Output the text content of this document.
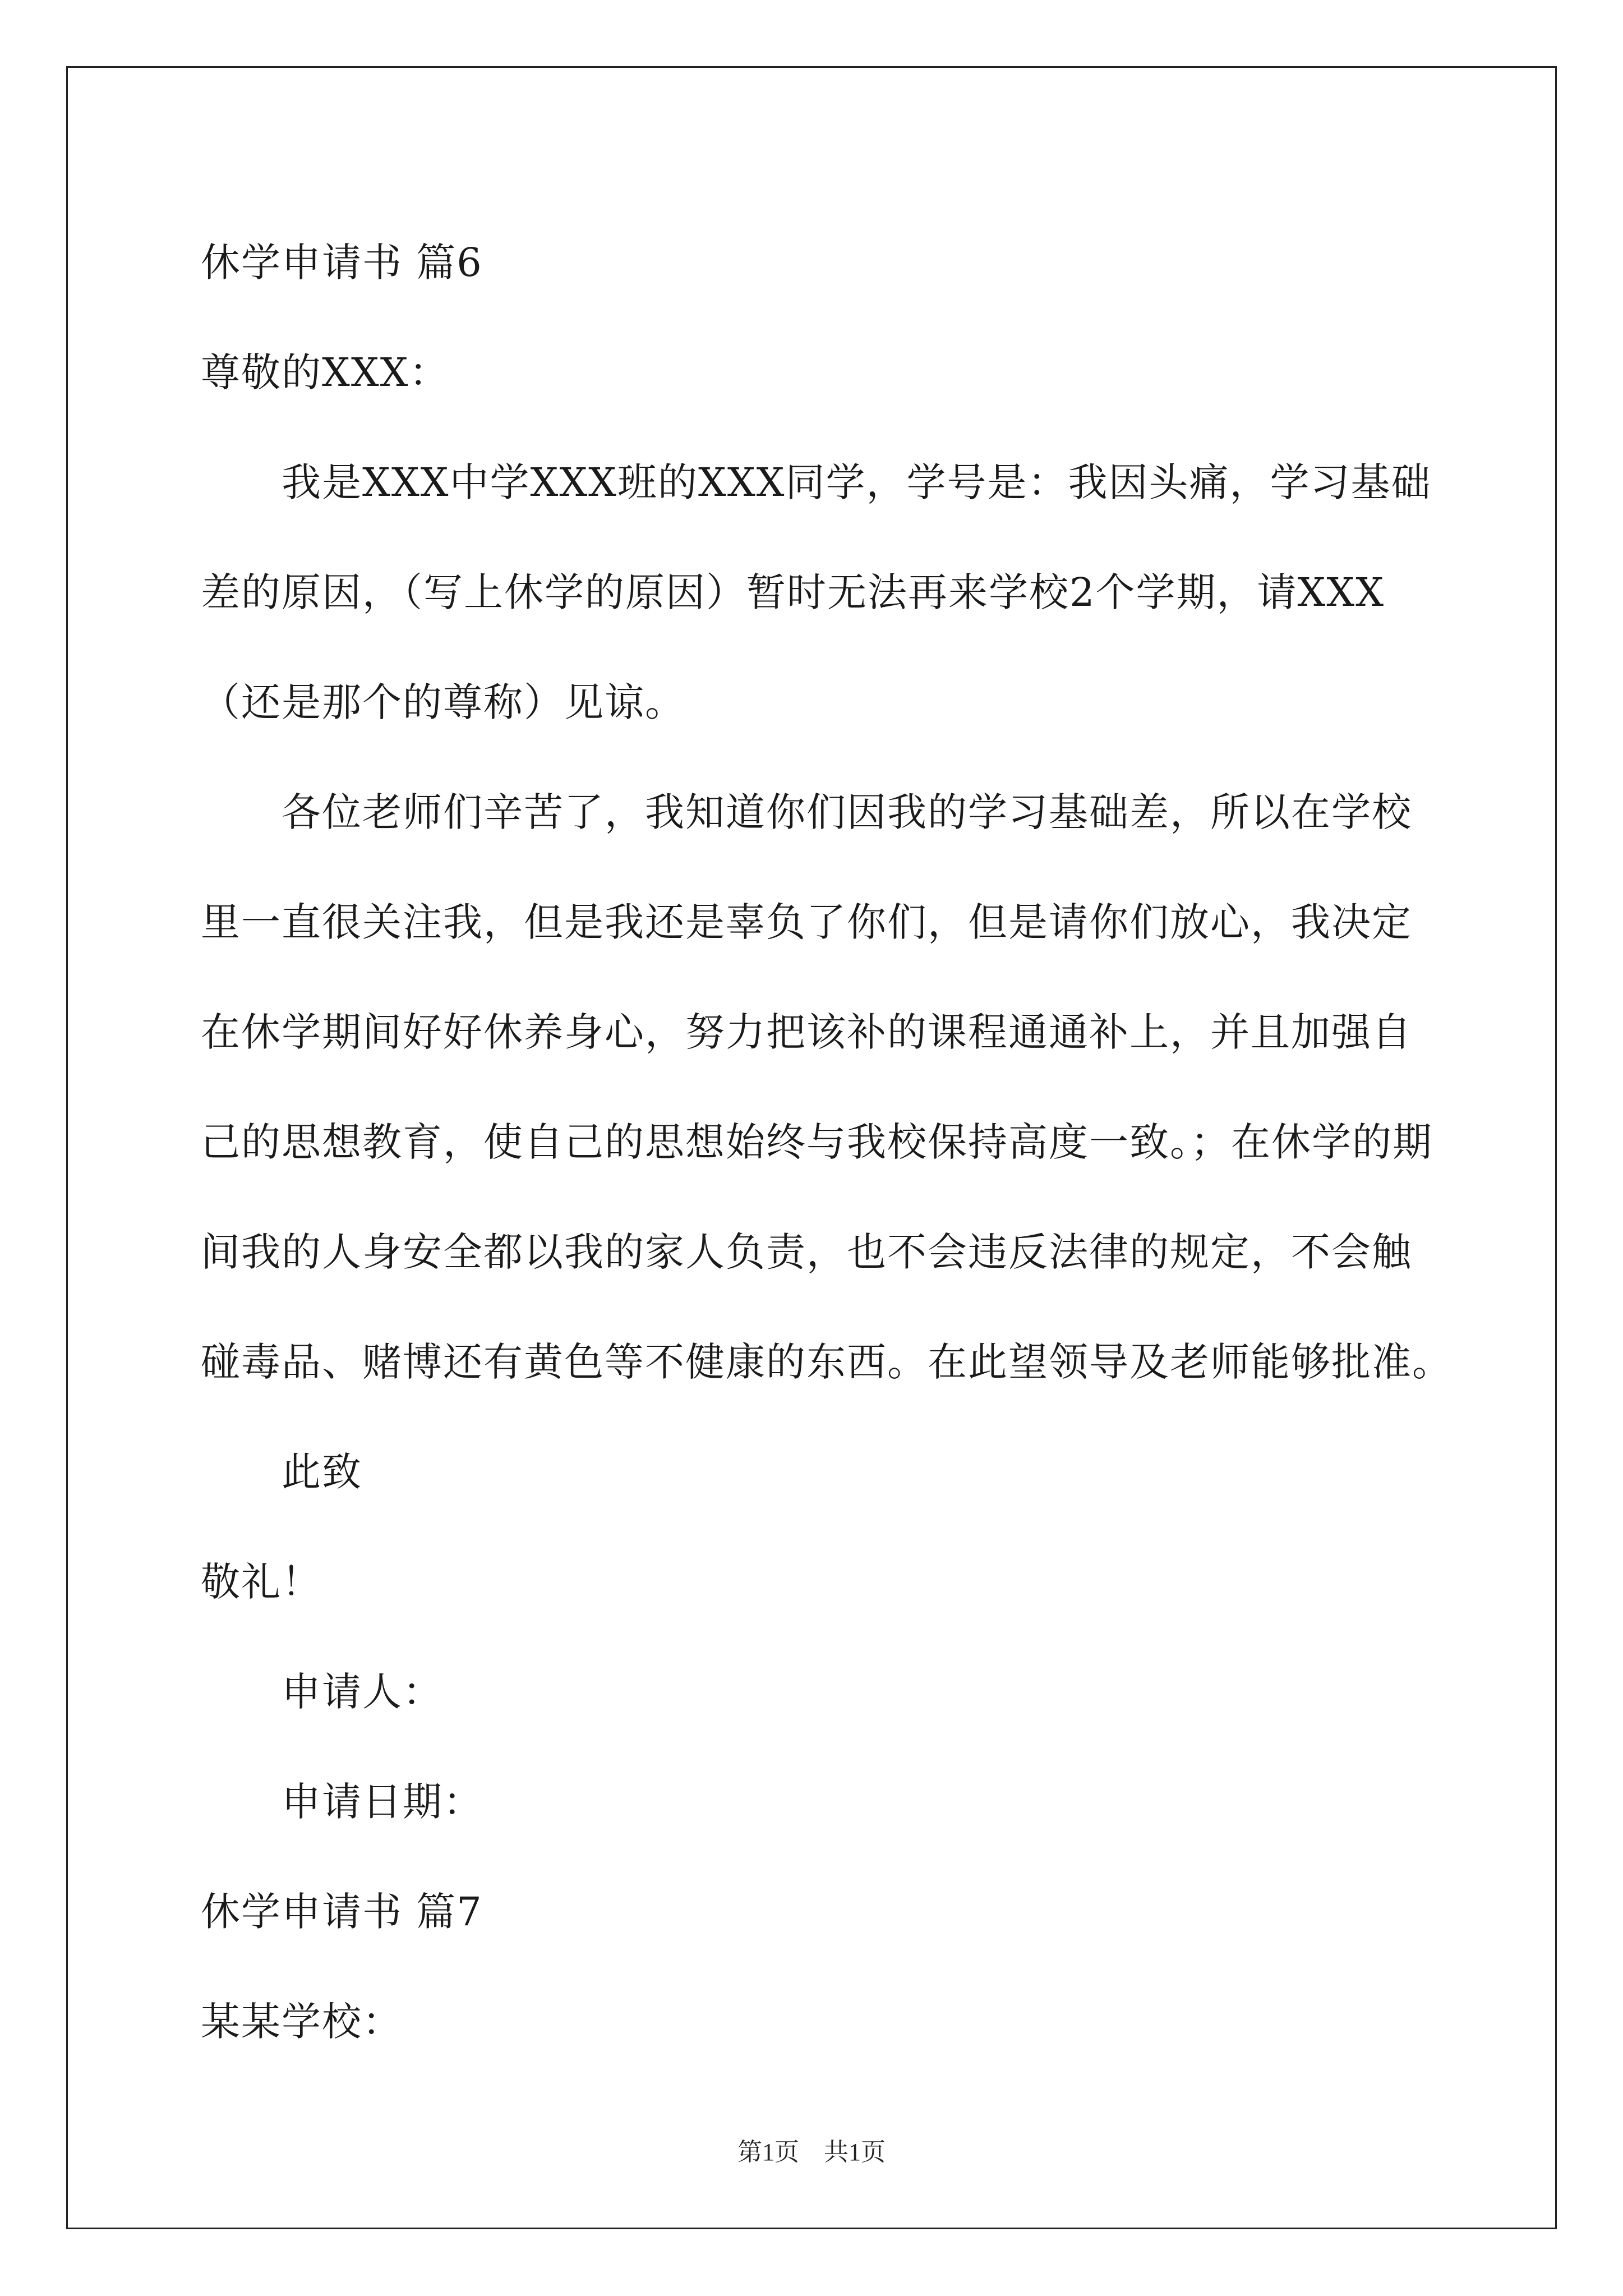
休学申请书 篇6
尊敬的XXX：
我是XXX中学XXX班的XXX同学，学号是：我因头痛，学习基础
差的原因，（写上休学的原因）暂时无法再来学校2个学期，请XXX
（还是那个的尊称）见谅。
各位老师们辛苦了，我知道你们因我的学习基础差，所以在学校
里一直很关注我，但是我还是辜负了你们，但是请你们放心，我决定
在休学期间好好休养身心，努力把该补的课程通通补上，并且加强自
己的思想教育，使自己的思想始终与我校保持高度一致。；在休学的期
间我的人身安全都以我的家人负责，也不会违反法律的规定，不会触
碰毒品、赌博还有黄色等不健康的东西。在此望领导及老师能够批准。
此致
敬礼！
申请人：
申请日期：
休学申请书 篇7
某某学校：
第1页　共1页
